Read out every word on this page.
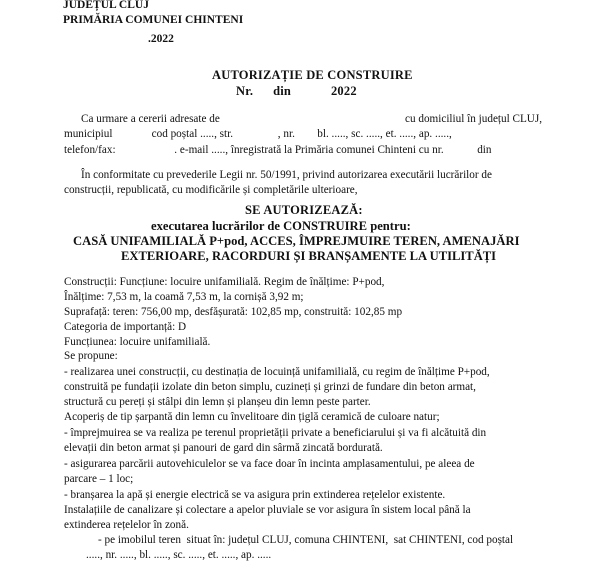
JUDEȚUL CLUJ
PRIMĂRIA COMUNEI CHINTENI
.2022
AUTORIZAȚIE DE CONSTRUIRE
Nr.      din            2022
Ca urmare a cererii adresate de	cu domiciliul în județul CLUJ,
municipiul              cod poștal ....., str.                , nr.        bl. ....., sc. ....., et. ....., ap. .....,
telefon/fax:                     . e-mail ....., înregistrată la Primăria comunei Chinteni cu nr.            din
În conformitate cu prevederile Legii nr. 50/1991, privind autorizarea executării lucrărilor de
construcții, republicată, cu modificările și completările ulterioare,
SE AUTORIZEAZĂ:
executarea lucrărilor de CONSTRUIRE pentru:
CASĂ UNIFAMILIALĂ P+pod, ACCES, ÎMPREJMUIRE TEREN, AMENAJĂRI
EXTERIOARE, RACORDURI ȘI BRANȘAMENTE LA UTILITĂȚI
Construcții: Funcțiune: locuire unifamilială. Regim de înălțime: P+pod,
Înălțime: 7,53 m, la coamă 7,53 m, la cornișă 3,92 m;
Suprafață: teren: 756,00 mp, desfășurată: 102,85 mp, construită: 102,85 mp
Categoria de importanță: D
Funcțiunea: locuire unifamilială.
Se propune:
- realizarea unei construcții, cu destinația de locuință unifamilială, cu regim de înălțime P+pod,
construită pe fundații izolate din beton simplu, cuzineți și grinzi de fundare din beton armat,
structură cu pereți și stâlpi din lemn și planșeu din lemn peste parter.
Acoperiș de tip șarpantă din lemn cu învelitoare din țiglă ceramică de culoare natur;
- împrejmuirea se va realiza pe terenul proprietății private a beneficiarului și va fi alcătuită din
elevații din beton armat și panouri de gard din sârmă zincată bordurată.
- asigurarea parcării autovehiculelor se va face doar în incinta amplasamentului, pe aleea de
parcare – 1 loc;
- branșarea la apă și energie electrică se va asigura prin extinderea rețelelor existente.
Instalațiile de canalizare și colectare a apelor pluviale se vor asigura în sistem local până la
extinderea rețelelor în zonă.
- pe imobilul teren  situat în: județul CLUJ, comuna CHINTENI,  sat CHINTENI, cod poștal
....., nr. ....., bl. ....., sc. ....., et. ....., ap. .....
